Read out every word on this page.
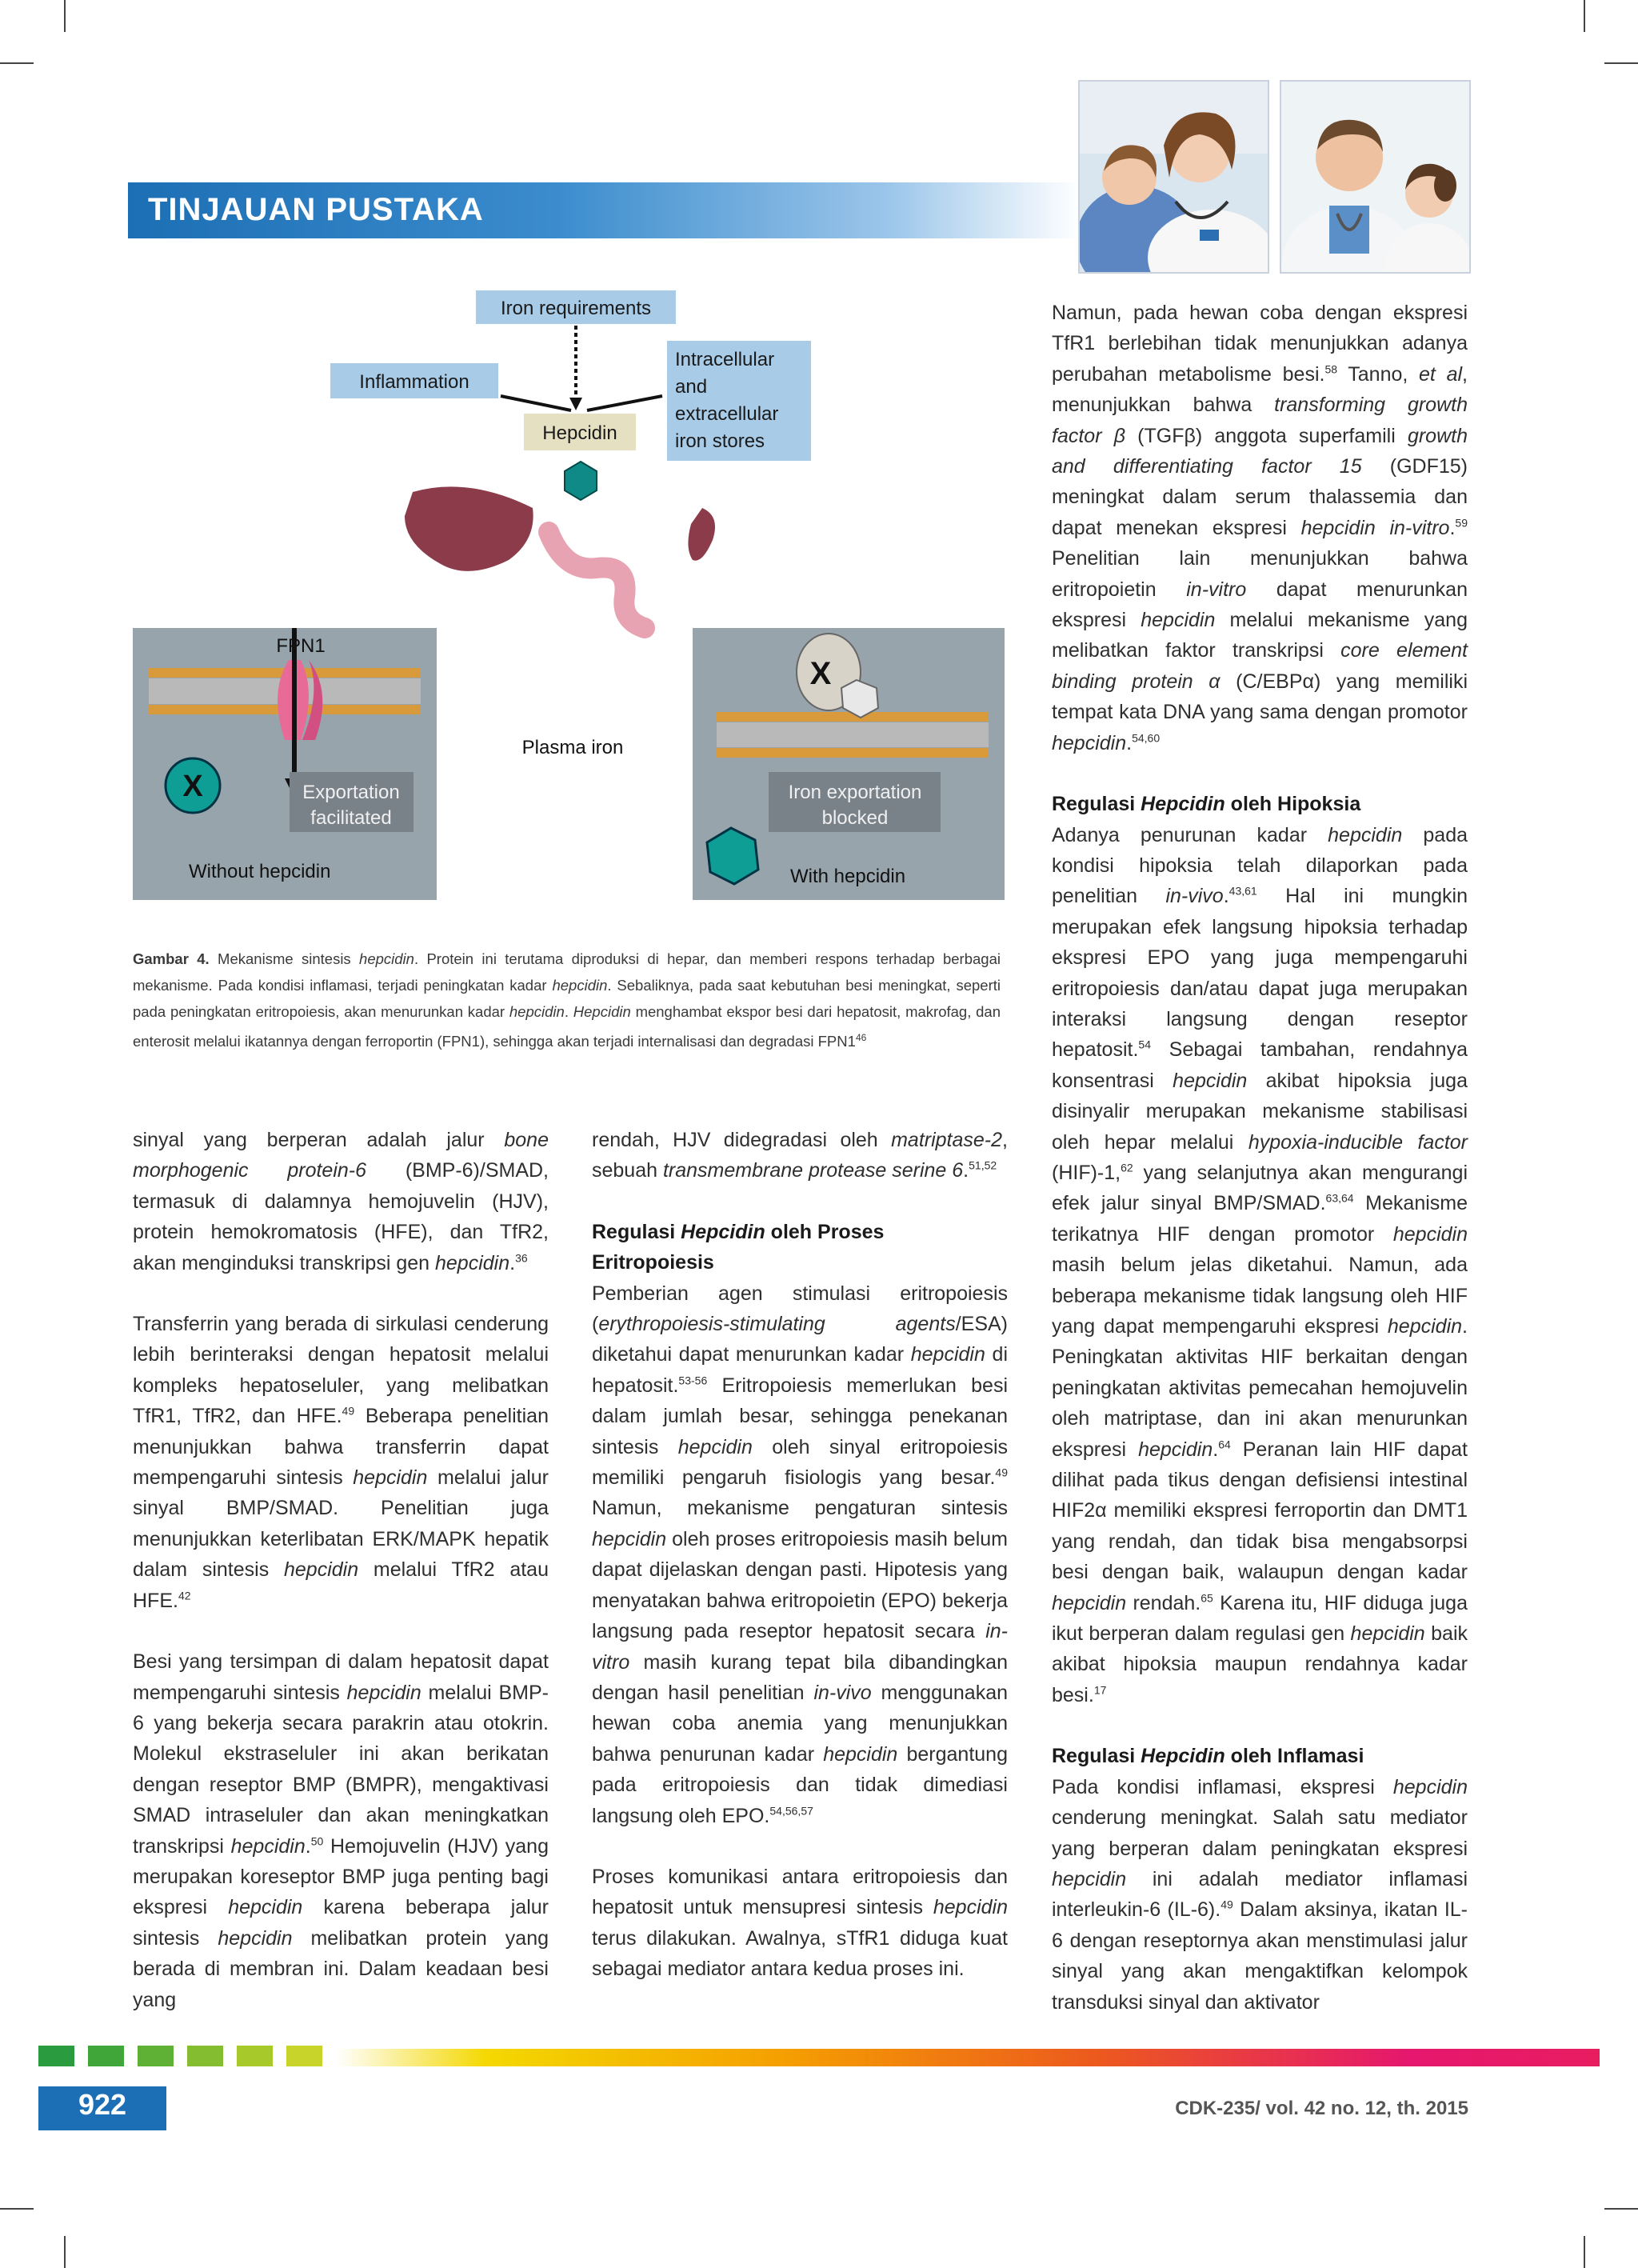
TINJAUAN PUSTAKA
Iron requirements
Inflammation
Intracellular
and
extracellular
iron stores
Hepcidin
FPN1
X	Exportation
facilitated
Without hepcidin
Plasma iron
X
Iron exportation
blocked
With hepcidin
Gambar 4. Mekanisme sintesis hepcidin. Protein ini terutama diproduksi di hepar, dan memberi respons terhadap berbagai mekanisme. Pada kondisi inflamasi, terjadi peningkatan kadar hepcidin. Sebaliknya, pada saat kebutuhan besi meningkat, seperti pada peningkatan eritropoiesis, akan menurunkan kadar hepcidin. Hepcidin menghambat ekspor besi dari hepatosit, makrofag, dan enterosit melalui ikatannya dengan ferroportin (FPN1), sehingga akan terjadi internalisasi dan degradasi $FPN1^{46}$

sinyal yang berperan adalah jalur bone morphogenic protein-6 (BMP-6)/SMAD, termasuk di dalamnya hemojuvelin (HJV), protein hemokromatosis (HFE), dan TfR2, akan menginduksi transkripsi gen hepcidin.$^{36}$

Transferrin yang berada di sirkulasi cenderung lebih berinteraksi dengan hepatosit melalui kompleks hepatoseluler, yang melibatkan TfR1, TfR2, dan HFE.$^{49}$ Beberapa penelitian menunjukkan bahwa transferrin dapat mempengaruhi sintesis hepcidin melalui jalur sinyal BMP/SMAD. Penelitian juga menunjukkan keterlibatan ERK/MAPK hepatik dalam sintesis hepcidin melalui TfR2 atau HFE.$^{42}$

Besi yang tersimpan di dalam hepatosit dapat mempengaruhi sintesis hepcidin melalui BMP-6 yang bekerja secara parakrin atau otokrin. Molekul ekstraseluler ini akan berikatan dengan reseptor BMP (BMPR), mengaktivasi SMAD intraseluler dan akan meningkatkan transkripsi hepcidin.$^{50}$ Hemojuvelin (HJV) yang merupakan koreseptor BMP juga penting bagi ekspresi hepcidin karena beberapa jalur sintesis hepcidin melibatkan protein yang berada di membran ini. Dalam keadaan besi yang

rendah, HJV didegradasi oleh matriptase-2, sebuah transmembrane protease serine 6.$^{51,52}$

Regulasi Hepcidin oleh Proses Eritropoiesis

Pemberian agen stimulasi eritropoiesis (erythropoiesis-stimulating agents/ESA) diketahui dapat menurunkan kadar hepcidin di hepatosit.$^{53-56}$ Eritropoiesis memerlukan besi dalam jumlah besar, sehingga penekanan sintesis hepcidin oleh sinyal eritropoiesis memiliki pengaruh fisiologis yang besar.$^{49}$ Namun, mekanisme pengaturan sintesis hepcidin oleh proses eritropoiesis masih belum dapat dijelaskan dengan pasti. Hipotesis yang menyatakan bahwa eritropoietin (EPO) bekerja langsung pada reseptor hepatosit secara in-vitro masih kurang tepat bila dibandingkan dengan hasil penelitian in-vivo menggunakan hewan coba anemia yang menunjukkan bahwa penurunan kadar hepcidin bergantung pada eritropoiesis dan tidak dimediasi langsung oleh EPO.$^{54,56,57}$

Proses komunikasi antara eritropoiesis dan hepatosit untuk mensupresi sintesis hepcidin terus dilakukan. Awalnya, sTfR1 diduga kuat sebagai mediator antara kedua proses ini.

Namun, pada hewan coba dengan ekspresi TfR1 berlebihan tidak menunjukkan adanya perubahan metabolisme besi.$^{58}$ Tanno, et al, menunjukkan bahwa transforming growth factor β (TGFβ) anggota superfamili growth and differentiating factor 15 (GDF15) meningkat dalam serum thalassemia dan dapat menekan ekspresi hepcidin in-vitro.$^{59}$ Penelitian lain menunjukkan bahwa eritropoietin in-vitro dapat menurunkan ekspresi hepcidin melalui mekanisme yang melibatkan faktor transkripsi core element binding protein α (C/EBPα) yang memiliki tempat kata DNA yang sama dengan promotor hepcidin.$^{54,60}$

Regulasi Hepcidin oleh Hipoksia

Adanya penurunan kadar hepcidin pada kondisi hipoksia telah dilaporkan pada penelitian in-vivo.$^{43,61}$ Hal ini mungkin merupakan efek langsung hipoksia terhadap ekspresi EPO yang juga mempengaruhi eritropoiesis dan/atau dapat juga merupakan interaksi langsung dengan reseptor hepatosit.$^{54}$ Sebagai tambahan, rendahnya konsentrasi hepcidin akibat hipoksia juga disinyalir merupakan mekanisme stabilisasi oleh hepar melalui hypoxia-inducible factor (HIF)-1,62 yang selanjutnya akan mengurangi efek jalur sinyal BMP/SMAD.$^{63,64}$ Mekanisme terikatnya HIF dengan promotor hepcidin masih belum jelas diketahui. Namun, ada beberapa mekanisme tidak langsung oleh HIF yang dapat mempengaruhi ekspresi hepcidin. Peningkatan aktivitas HIF berkaitan dengan peningkatan aktivitas pemecahan hemojuvelin oleh matriptase, dan ini akan menurunkan ekspresi hepcidin.$^{64}$ Peranan lain HIF dapat dilihat pada tikus dengan defisiensi intestinal HIF2α memiliki ekspresi ferroportin dan DMT1 yang rendah, dan tidak bisa mengabsorpsi besi dengan baik, walaupun dengan kadar hepcidin rendah.$^{65}$ Karena itu, HIF diduga juga ikut berperan dalam regulasi gen hepcidin baik akibat hipoksia maupun rendahnya kadar besi.$^{17}$

Regulasi Hepcidin oleh Inflamasi

Pada kondisi inflamasi, ekspresi hepcidin cenderung meningkat. Salah satu mediator yang berperan dalam peningkatan ekspresi hepcidin ini adalah mediator inflamasi interleukin-6 (IL-6).$^{49}$ Dalam aksinya, ikatan IL-6 dengan reseptornya akan menstimulasi jalur sinyal yang akan mengaktifkan kelompok transduksi sinyal dan aktivator

922	CDK-235/ vol. 42 no. 12, th. 2015
